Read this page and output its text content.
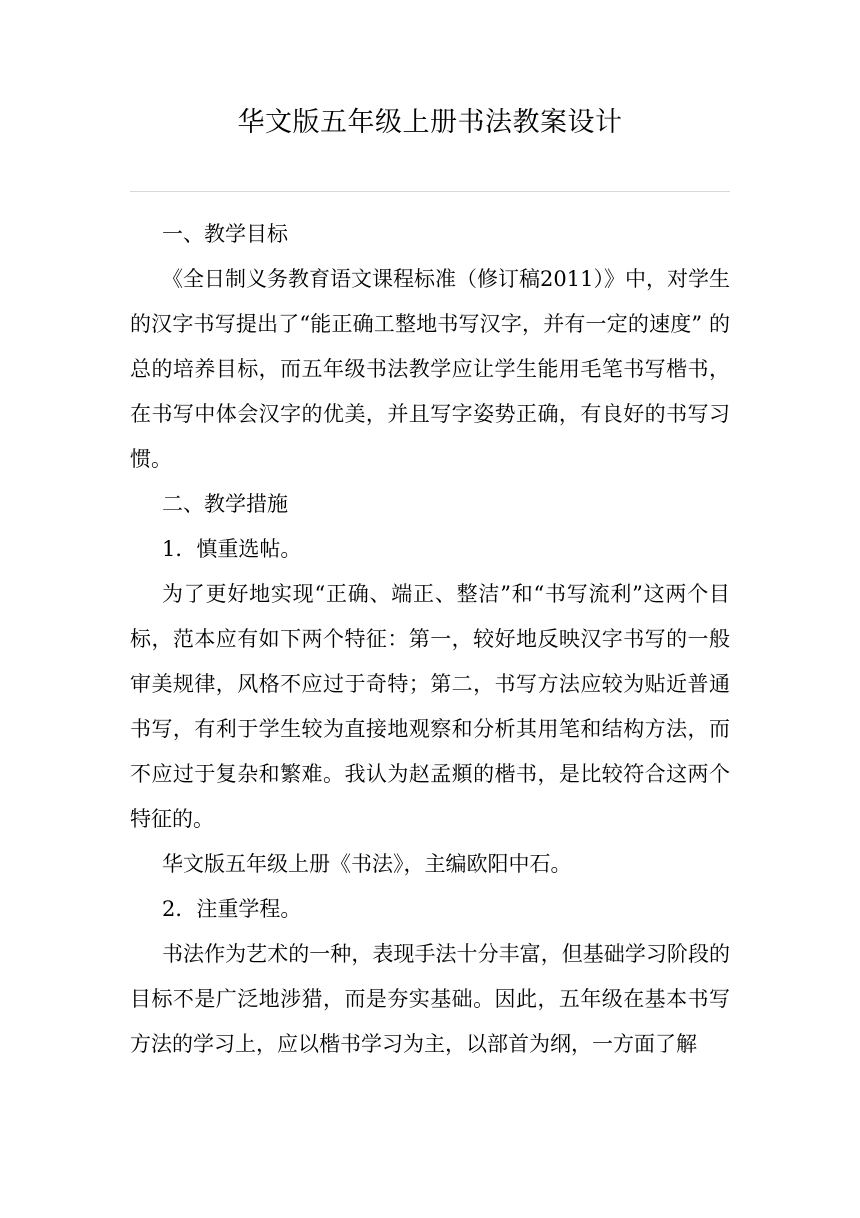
华文版五年级上册书法教案设计

一、教学目标

《全日制义务教育语文课程标准（修订稿2011）》中，对学生的汉字书写提出了“能正确工整地书写汉字，并有一定的速度” 的总的培养目标，而五年级书法教学应让学生能用毛笔书写楷书，在书写中体会汉字的优美，并且写字姿势正确，有良好的书写习惯。

二、教学措施

1．慎重选帖。

为了更好地实现“正确、端正、整洁”和“书写流利”这两个目标，范本应有如下两个特征：第一，较好地反映汉字书写的一般审美规律，风格不应过于奇特；第二，书写方法应较为贴近普通书写，有利于学生较为直接地观察和分析其用笔和结构方法，而不应过于复杂和繁难。我认为赵孟頫的楷书，是比较符合这两个特征的。

华文版五年级上册《书法》，主编欧阳中石。

2．注重学程。

书法作为艺术的一种，表现手法十分丰富，但基础学习阶段的目标不是广泛地涉猎，而是夯实基础。因此，五年级在基本书写方法的学习上，应以楷书学习为主，以部首为纲，一方面了解
